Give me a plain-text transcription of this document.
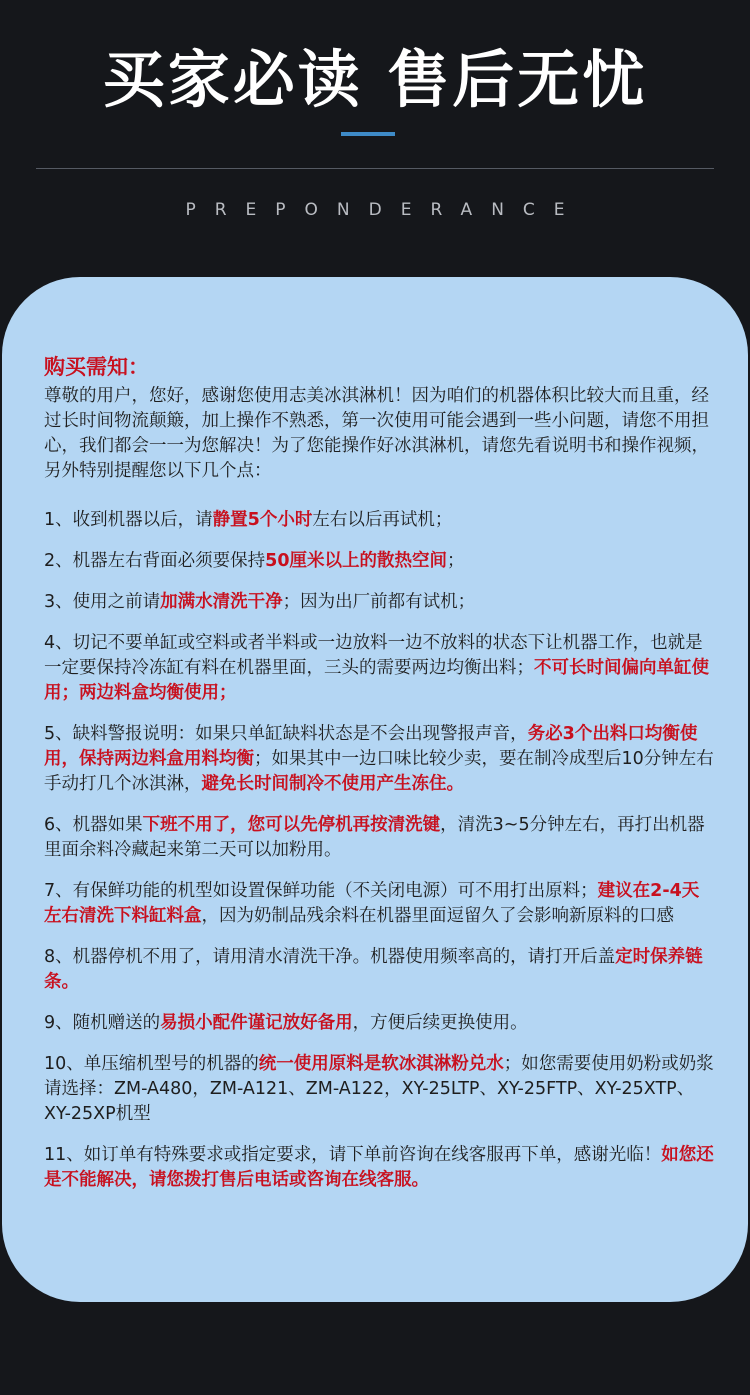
买家必读 售后无忧
PREPONDERANCE

购买需知：

尊敬的用户，您好，感谢您使用志美冰淇淋机！因为咱们的机器体积比较大而且重，经过长时间物流颠簸，加上操作不熟悉，第一次使用可能会遇到一些小问题，请您不用担心，我们都会一一为您解决！为了您能操作好冰淇淋机，请您先看说明书和操作视频，另外特别提醒您以下几个点：

1、收到机器以后，请静置5个小时左右以后再试机；

2、机器左右背面必须要保持50厘米以上的散热空间；

3、使用之前请加满水清洗干净；因为出厂前都有试机；

4、切记不要单缸或空料或者半料或一边放料一边不放料的状态下让机器工作，也就是一定要保持冷冻缸有料在机器里面，三头的需要两边均衡出料；不可长时间偏向单缸使用；两边料盒均衡使用；

5、缺料警报说明：如果只单缸缺料状态是不会出现警报声音，务必3个出料口均衡使用，保持两边料盒用料均衡；如果其中一边口味比较少卖，要在制冷成型后10分钟左右手动打几个冰淇淋，避免长时间制冷不使用产生冻住。

6、机器如果下班不用了，您可以先停机再按清洗键，清洗3~5分钟左右，再打出机器里面余料冷藏起来第二天可以加粉用。

7、有保鲜功能的机型如设置保鲜功能（不关闭电源）可不用打出原料；建议在2-4天左右清洗下料缸料盒，因为奶制品残余料在机器里面逗留久了会影响新原料的口感

8、机器停机不用了，请用清水清洗干净。机器使用频率高的，请打开后盖定时保养链条。

9、随机赠送的易损小配件谨记放好备用，方便后续更换使用。

10、单压缩机型号的机器的统一使用原料是软冰淇淋粉兑水；如您需要使用奶粉或奶浆请选择：ZM-A480，ZM-A121、ZM-A122，XY-25LTP、XY-25FTP、XY-25XTP、XY-25XP机型

11、如订单有特殊要求或指定要求，请下单前咨询在线客服再下单，感谢光临！如您还是不能解决，请您拨打售后电话或咨询在线客服。
